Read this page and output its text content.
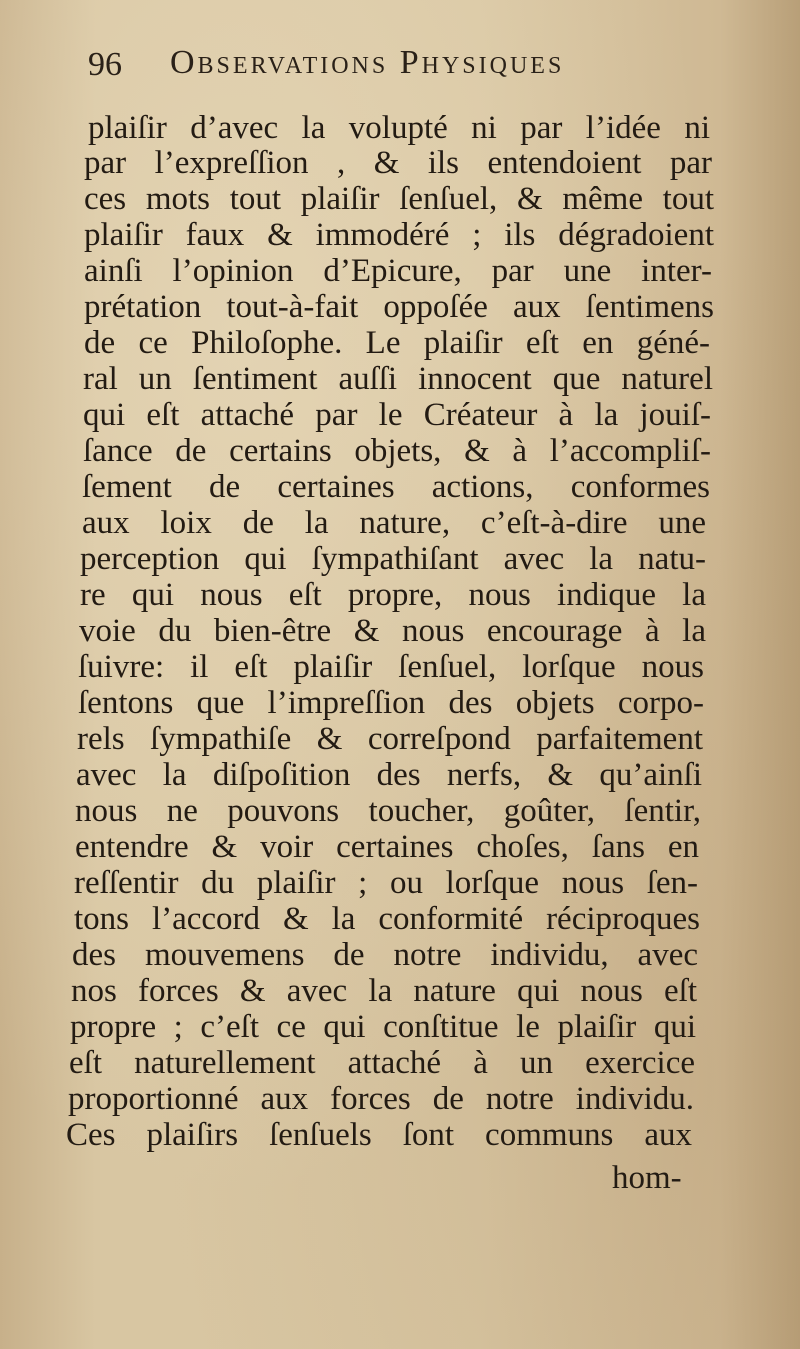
96 Observations Physiques
plaiſir d’avec la volupté ni par l’idée ni
par l’expreſſion , & ils entendoient par
ces mots tout plaiſir ſenſuel, & même tout
plaiſir faux & immodéré ; ils dégradoient
ainſi l’opinion d’Epicure, par une inter-
prétation tout-à-fait oppoſée aux ſentimens
de ce Philoſophe. Le plaiſir eſt en géné-
ral un ſentiment auſſi innocent que naturel
qui eſt attaché par le Créateur à la jouiſ-
ſance de certains objets, & à l’accompliſ-
ſement de certaines actions, conformes
aux loix de la nature, c’eſt-à-dire une
perception qui ſympathiſant avec la natu-
re qui nous eſt propre, nous indique la
voie du bien-être & nous encourage à la
ſuivre: il eſt plaiſir ſenſuel, lorſque nous
ſentons que l’impreſſion des objets corpo-
rels ſympathiſe & correſpond parfaitement
avec la diſpoſition des nerfs, & qu’ainſi
nous ne pouvons toucher, goûter, ſentir,
entendre & voir certaines choſes, ſans en
reſſentir du plaiſir ; ou lorſque nous ſen-
tons l’accord & la conformité réciproques
des mouvemens de notre individu, avec
nos forces & avec la nature qui nous eſt
propre ; c’eſt ce qui conſtitue le plaiſir qui
eſt naturellement attaché à un exercice
proportionné aux forces de notre individu.
Ces plaiſirs ſenſuels ſont communs aux
hom-
